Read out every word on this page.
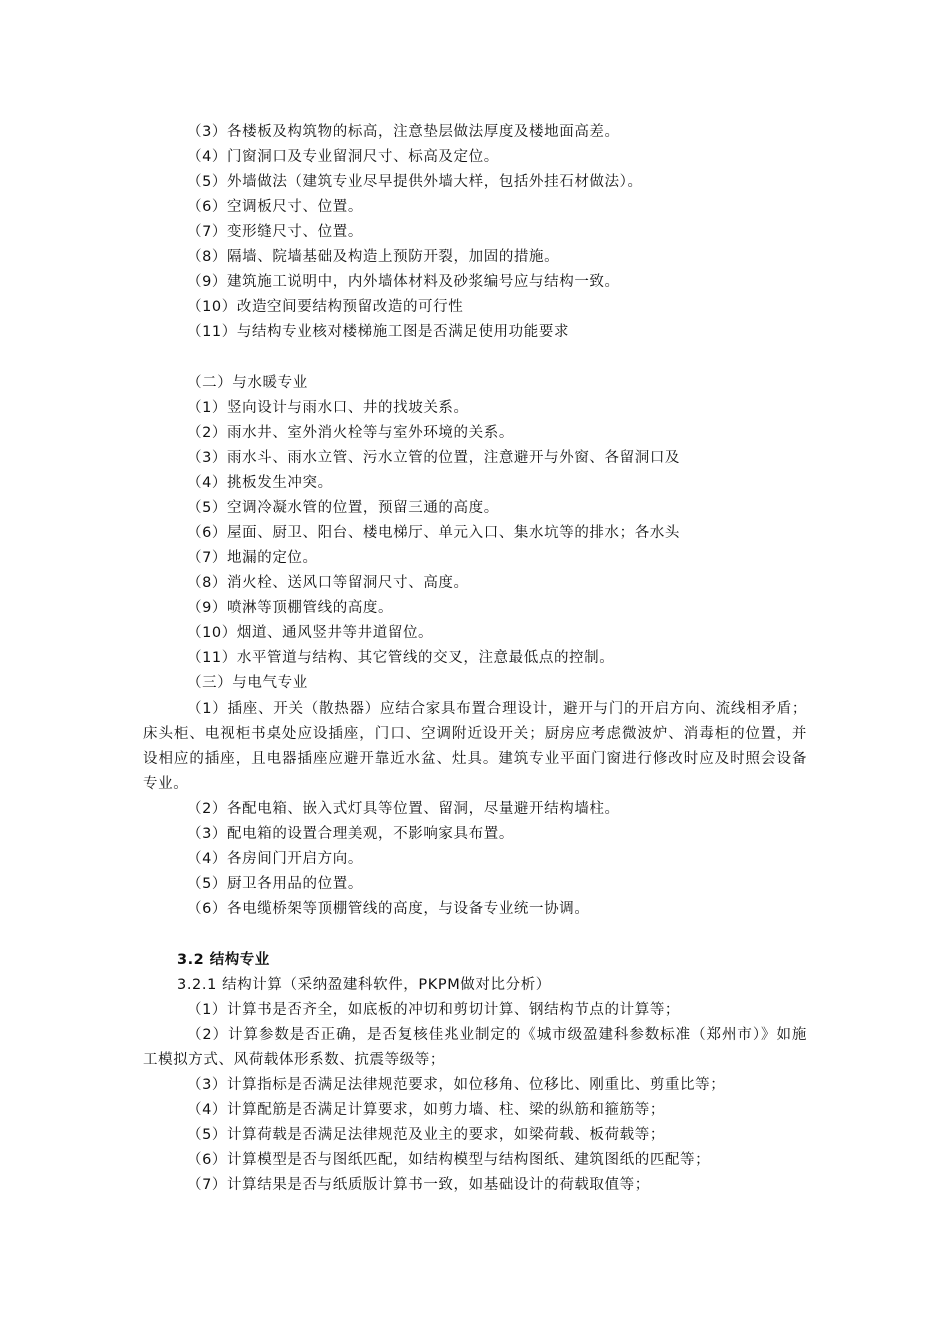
（3）各楼板及构筑物的标高，注意垫层做法厚度及楼地面高差。
（4）门窗洞口及专业留洞尺寸、标高及定位。
（5）外墙做法（建筑专业尽早提供外墙大样，包括外挂石材做法）。
（6）空调板尺寸、位置。
（7）变形缝尺寸、位置。
（8）隔墙、院墙基础及构造上预防开裂，加固的措施。
（9）建筑施工说明中，内外墙体材料及砂浆编号应与结构一致。
（10）改造空间要结构预留改造的可行性
（11）与结构专业核对楼梯施工图是否满足使用功能要求
（二）与水暖专业
（1）竖向设计与雨水口、井的找坡关系。
（2）雨水井、室外消火栓等与室外环境的关系。
（3）雨水斗、雨水立管、污水立管的位置，注意避开与外窗、各留洞口及
（4）挑板发生冲突。
（5）空调冷凝水管的位置，预留三通的高度。
（6）屋面、厨卫、阳台、楼电梯厅、单元入口、集水坑等的排水；各水头
（7）地漏的定位。
（8）消火栓、送风口等留洞尺寸、高度。
（9）喷淋等顶棚管线的高度。
（10）烟道、通风竖井等井道留位。
（11）水平管道与结构、其它管线的交叉，注意最低点的控制。
（三）与电气专业
（1）插座、开关（散热器）应结合家具布置合理设计，避开与门的开启方向、流线相矛盾；床头柜、电视柜书桌处应设插座，门口、空调附近设开关；厨房应考虑微波炉、消毒柜的位置，并设相应的插座，且电器插座应避开靠近水盆、灶具。建筑专业平面门窗进行修改时应及时照会设备专业。
（2）各配电箱、嵌入式灯具等位置、留洞，尽量避开结构墙柱。
（3）配电箱的设置合理美观，不影响家具布置。
（4）各房间门开启方向。
（5）厨卫各用品的位置。
（6）各电缆桥架等顶棚管线的高度，与设备专业统一协调。
3.2 结构专业
3.2.1 结构计算（采纳盈建科软件，PKPM做对比分析）
（1）计算书是否齐全，如底板的冲切和剪切计算、钢结构节点的计算等；
（2）计算参数是否正确，是否复核佳兆业制定的《城市级盈建科参数标准（郑州市）》如施工模拟方式、风荷载体形系数、抗震等级等；
（3）计算指标是否满足法律规范要求，如位移角、位移比、刚重比、剪重比等；
（4）计算配筋是否满足计算要求，如剪力墙、柱、梁的纵筋和箍筋等；
（5）计算荷载是否满足法律规范及业主的要求，如梁荷载、板荷载等；
（6）计算模型是否与图纸匹配，如结构模型与结构图纸、建筑图纸的匹配等；
（7）计算结果是否与纸质版计算书一致，如基础设计的荷载取值等；
